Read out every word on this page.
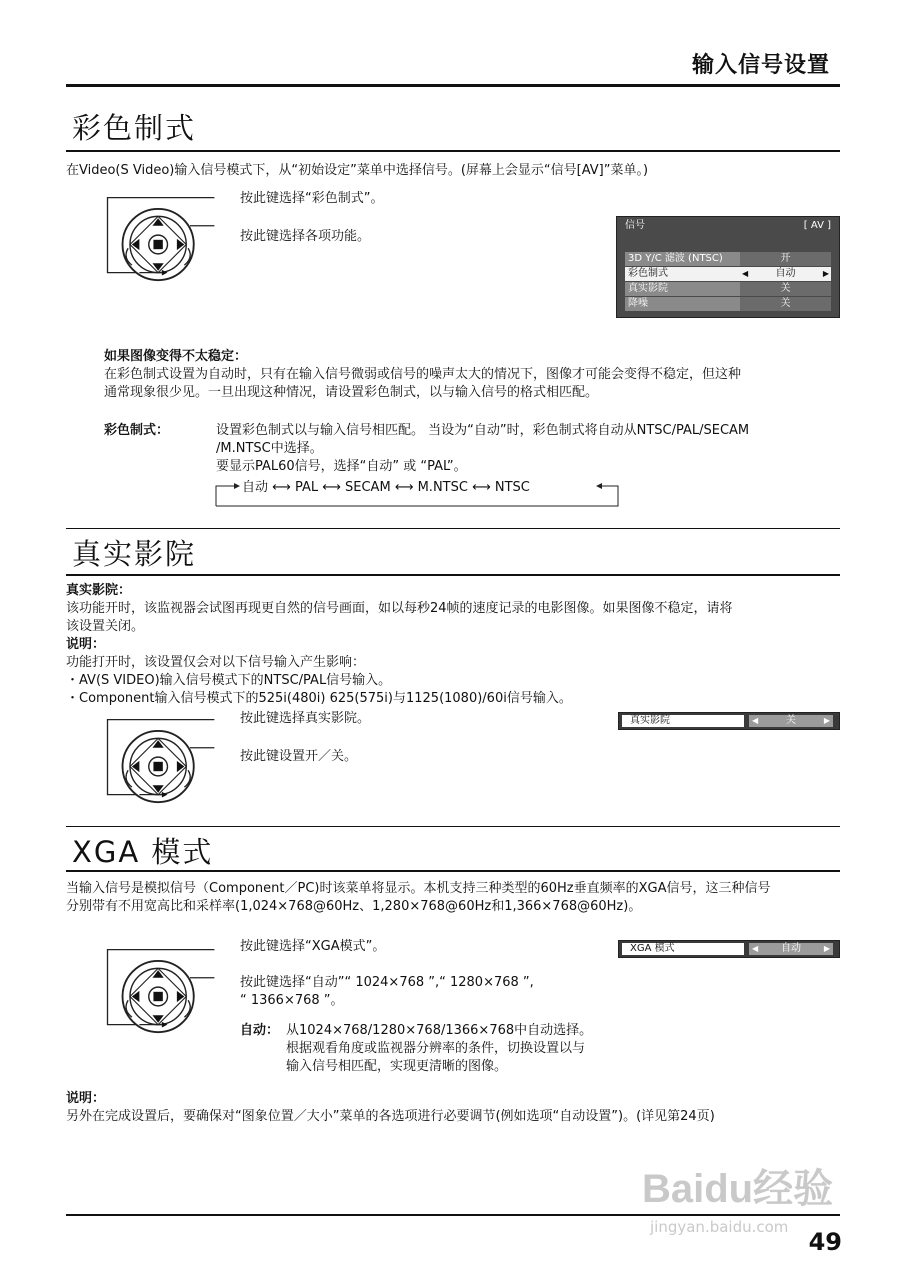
输入信号设置
彩色制式
在Video(S Video)输入信号模式下，从“初始设定”菜单中选择信号。(屏幕上会显示“信号[AV]”菜单。)
按此键选择“彩色制式”。
按此键选择各项功能。
信号	[ AV ]
3D Y/C 滤波 (NTSC)	开
彩色制式	◀	自动	▶
真实影院	关
降噪	关
如果图像变得不太稳定：
在彩色制式设置为自动时，只有在输入信号微弱或信号的噪声太大的情况下，图像才可能会变得不稳定，但这种
通常现象很少见。一旦出现这种情况，请设置彩色制式，以与输入信号的格式相匹配。
彩色制式：	设置彩色制式以与输入信号相匹配。 当设为“自动”时，彩色制式将自动从NTSC/PAL/SECAM
/M.NTSC中选择。
要显示PAL60信号，选择“自动” 或 “PAL”。
自动 ⟷ PAL ⟷ SECAM ⟷ M.NTSC ⟷ NTSC
真实影院
真实影院：
该功能开时，该监视器会试图再现更自然的信号画面，如以每秒24帧的速度记录的电影图像。如果图像不稳定，请将
该设置关闭。
说明：
功能打开时，该设置仅会对以下信号输入产生影响：
・AV(S VIDEO)输入信号模式下的NTSC/PAL信号输入。
・Component输入信号模式下的525i(480i) 625(575i)与1125(1080)/60i信号输入。
按此键选择真实影院。
按此键设置开／关。
真实影院	◀	关	▶
XGA 模式
当输入信号是模拟信号（Component／PC)时该菜单将显示。本机支持三种类型的60Hz垂直频率的XGA信号，这三种信号
分别带有不用宽高比和采样率(1,024×768@60Hz、1,280×768@60Hz和1,366×768@60Hz)。
按此键选择“XGA模式”。
按此键选择“自动”“ 1024×768 ”,“ 1280×768 ”,
“ 1366×768 ”。
自动： 从1024×768/1280×768/1366×768中自动选择。
根据观看角度或监视器分辨率的条件，切换设置以与
输入信号相匹配，实现更清晰的图像。
XGA 模式	◀ 自动	▶
说明：
另外在完成设置后，要确保对“图象位置／大小”菜单的各选项进行必要调节(例如选项“自动设置”)。(详见第24页)
Baidu经验
jingyan.baidu.com
49
